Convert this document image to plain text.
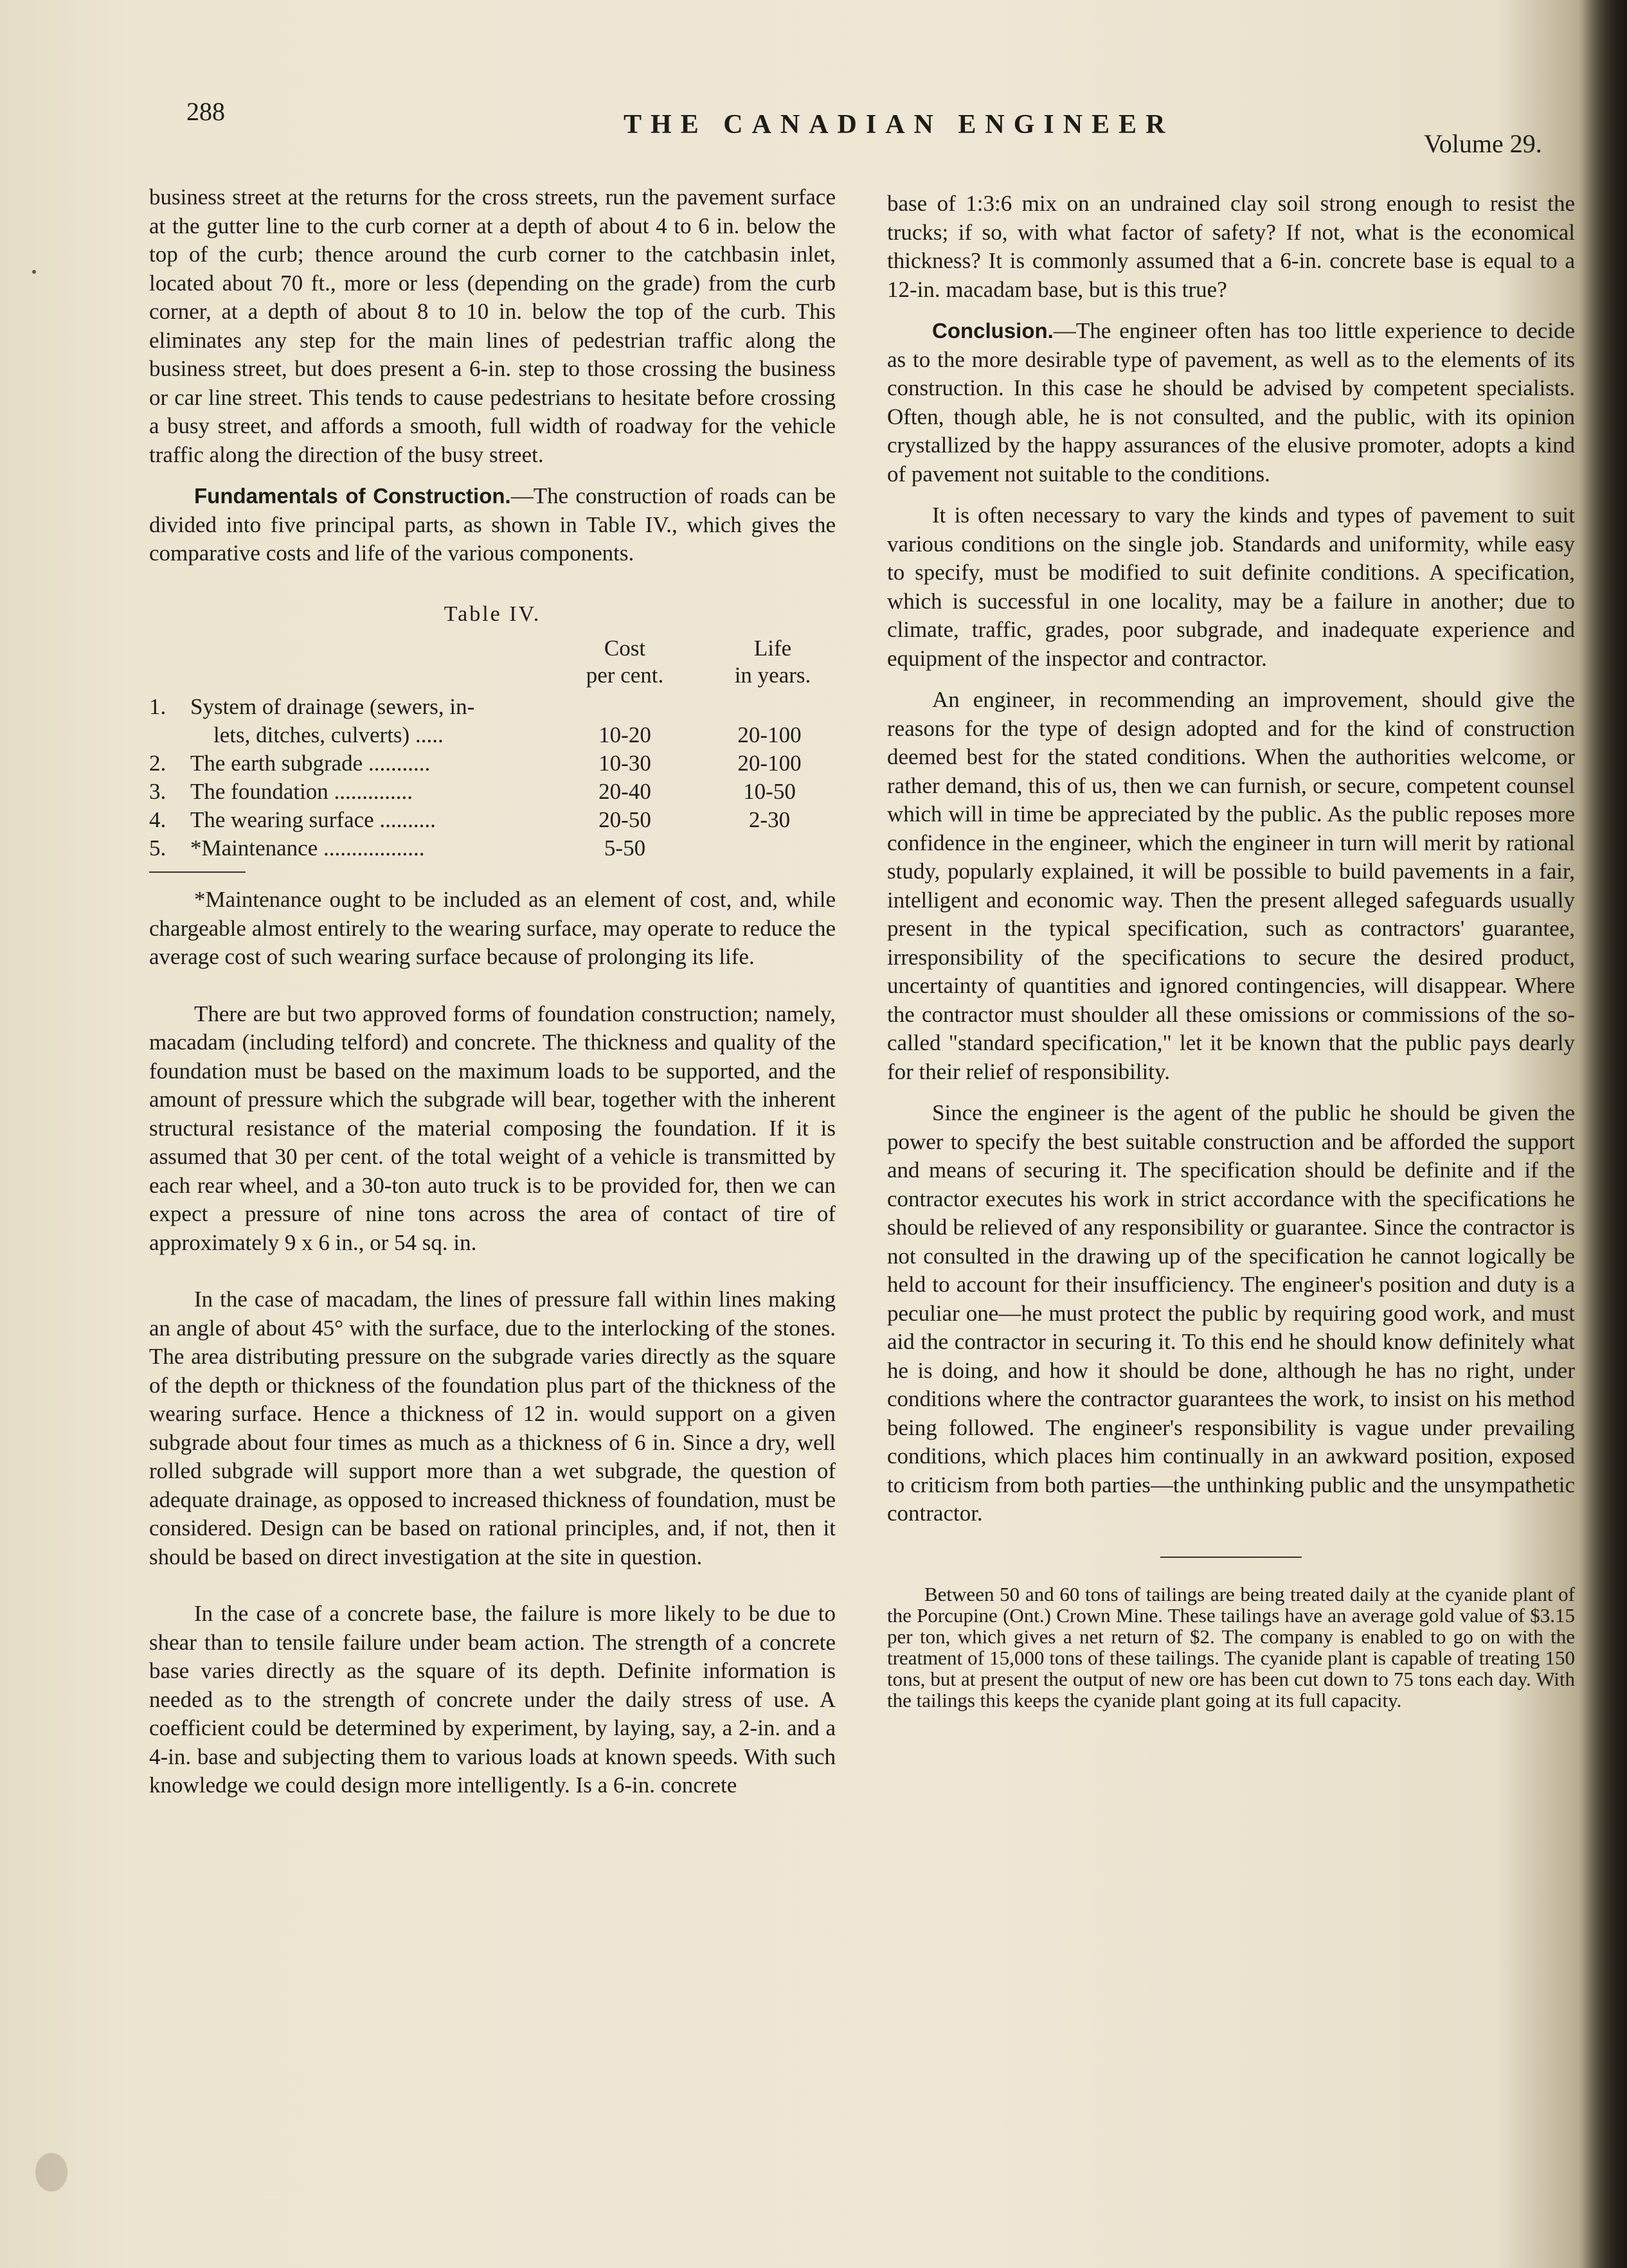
288	THE CANADIAN ENGINEER
Volume 29.

business street at the returns for the cross streets, run the pavement surface at the gutter line to the curb corner at a depth of about 4 to 6 in. below the top of the curb; thence around the curb corner to the catchbasin inlet, located about 70 ft., more or less (depending on the grade) from the curb corner, at a depth of about 8 to 10 in. below the top of the curb. This eliminates any step for the main lines of pedestrian traffic along the business street, but does present a 6-in. step to those crossing the business or car line street. This tends to cause pedestrians to hesitate before crossing a busy street, and affords a smooth, full width of roadway for the vehicle traffic along the direction of the busy street.

Fundamentals of Construction.—The construction of roads can be divided into five principal parts, as shown in Table IV., which gives the comparative costs and life of the various components.

Table IV.
Cost
per cent.
Life
in years.
1.	System of drainage (sewers, in-
lets, ditches, culverts) .....	10-20	20-100
2.	The earth subgrade ...........	10-30	20-100
3.	The foundation ..............	20-40	10-50
4.	The wearing surface ..........	20-50	2-30
5.	*Maintenance ..................	5-50

*Maintenance ought to be included as an element of cost, and, while chargeable almost entirely to the wearing surface, may operate to reduce the average cost of such wearing surface because of prolonging its life.

There are but two approved forms of foundation construction; namely, macadam (including telford) and concrete. The thickness and quality of the foundation must be based on the maximum loads to be supported, and the amount of pressure which the subgrade will bear, together with the inherent structural resistance of the material composing the foundation. If it is assumed that 30 per cent. of the total weight of a vehicle is transmitted by each rear wheel, and a 30-ton auto truck is to be provided for, then we can expect a pressure of nine tons across the area of contact of tire of approximately 9 x 6 in., or 54 sq. in.

In the case of macadam, the lines of pressure fall within lines making an angle of about 45° with the surface, due to the interlocking of the stones. The area distributing pressure on the subgrade varies directly as the square of the depth or thickness of the foundation plus part of the thickness of the wearing surface. Hence a thickness of 12 in. would support on a given subgrade about four times as much as a thickness of 6 in. Since a dry, well rolled subgrade will support more than a wet subgrade, the question of adequate drainage, as opposed to increased thickness of foundation, must be considered. Design can be based on rational principles, and, if not, then it should be based on direct investigation at the site in question.

In the case of a concrete base, the failure is more likely to be due to shear than to tensile failure under beam action. The strength of a concrete base varies directly as the square of its depth. Definite information is needed as to the strength of concrete under the daily stress of use. A coefficient could be determined by experiment, by laying, say, a 2-in. and a 4-in. base and subjecting them to various loads at known speeds. With such knowledge we could design more intelligently. Is a 6-in. concrete

base of 1:3:6 mix on an undrained clay soil strong enough to resist the trucks; if so, with what factor of safety? If not, what is the economical thickness? It is commonly assumed that a 6-in. concrete base is equal to a 12-in. macadam base, but is this true?

Conclusion.—The engineer often has too little experience to decide as to the more desirable type of pavement, as well as to the elements of its construction. In this case he should be advised by competent specialists. Often, though able, he is not consulted, and the public, with its opinion crystallized by the happy assurances of the elusive promoter, adopts a kind of pavement not suitable to the conditions.

It is often necessary to vary the kinds and types of pavement to suit various conditions on the single job. Standards and uniformity, while easy to specify, must be modified to suit definite conditions. A specification, which is successful in one locality, may be a failure in another; due to climate, traffic, grades, poor subgrade, and inadequate experience and equipment of the inspector and contractor.

An engineer, in recommending an improvement, should give the reasons for the type of design adopted and for the kind of construction deemed best for the stated conditions. When the authorities welcome, or rather demand, this of us, then we can furnish, or secure, competent counsel which will in time be appreciated by the public. As the public reposes more confidence in the engineer, which the engineer in turn will merit by rational study, popularly explained, it will be possible to build pavements in a fair, intelligent and economic way. Then the present alleged safeguards usually present in the typical specification, such as contractors' guarantee, irresponsibility of the specifications to secure the desired product, uncertainty of quantities and ignored contingencies, will disappear. Where the contractor must shoulder all these omissions or commissions of the so-called "standard specification," let it be known that the public pays dearly for their relief of responsibility.

Since the engineer is the agent of the public he should be given the power to specify the best suitable construction and be afforded the support and means of securing it. The specification should be definite and if the contractor executes his work in strict accordance with the specifications he should be relieved of any responsibility or guarantee. Since the contractor is not consulted in the drawing up of the specification he cannot logically be held to account for their insufficiency. The engineer's position and duty is a peculiar one—he must protect the public by requiring good work, and must aid the contractor in securing it. To this end he should know definitely what he is doing, and how it should be done, although he has no right, under conditions where the contractor guarantees the work, to insist on his method being followed. The engineer's responsibility is vague under prevailing conditions, which places him continually in an awkward position, exposed to criticism from both parties—the unthinking public and the unsympathetic contractor.

Between 50 and 60 tons of tailings are being treated daily at the cyanide plant of the Porcupine (Ont.) Crown Mine. These tailings have an average gold value of $3.15 per ton, which gives a net return of $2. The company is enabled to go on with the treatment of 15,000 tons of these tailings. The cyanide plant is capable of treating 150 tons, but at present the output of new ore has been cut down to 75 tons each day. With the tailings this keeps the cyanide plant going at its full capacity.
